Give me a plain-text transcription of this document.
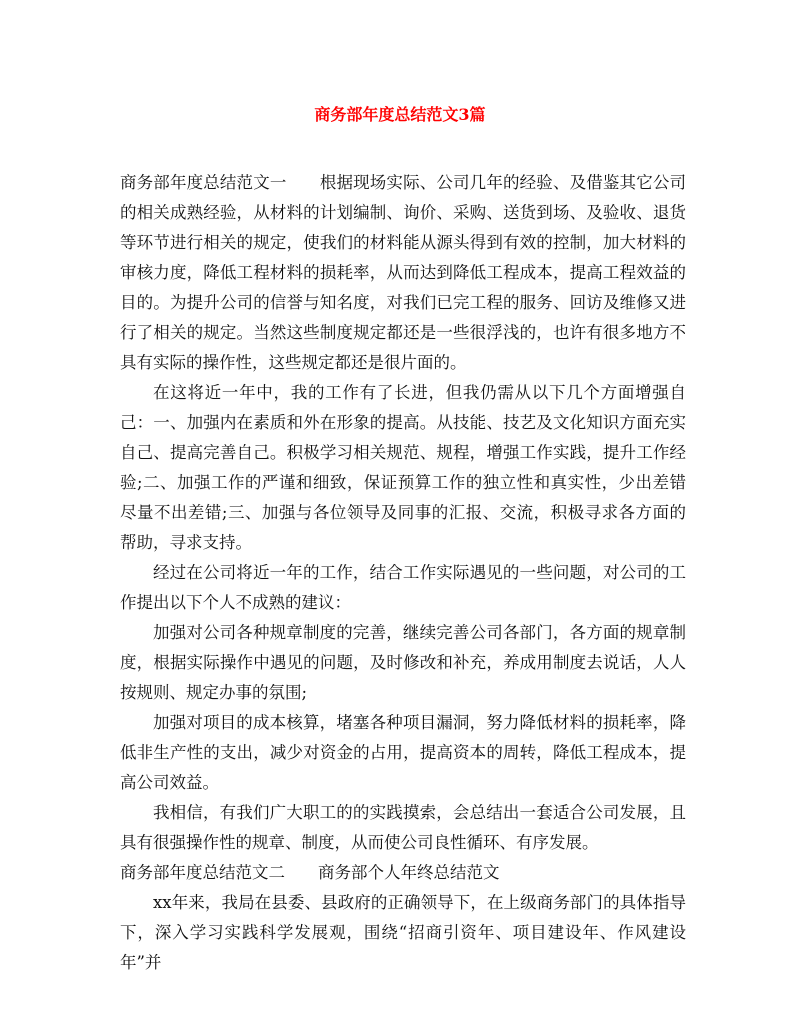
商务部年度总结范文3篇

商务部年度总结范文一　　根据现场实际、公司几年的经验、及借鉴其它公司的相关成熟经验，从材料的计划编制、询价、采购、送货到场、及验收、退货等环节进行相关的规定，使我们的材料能从源头得到有效的控制，加大材料的审核力度，降低工程材料的损耗率，从而达到降低工程成本，提高工程效益的目的。为提升公司的信誉与知名度，对我们已完工程的服务、回访及维修又进行了相关的规定。当然这些制度规定都还是一些很浮浅的，也许有很多地方不具有实际的操作性，这些规定都还是很片面的。

在这将近一年中，我的工作有了长进，但我仍需从以下几个方面增强自己：一、加强内在素质和外在形象的提高。从技能、技艺及文化知识方面充实自己、提高完善自己。积极学习相关规范、规程，增强工作实践，提升工作经验;二、加强工作的严谨和细致，保证预算工作的独立性和真实性，少出差错尽量不出差错;三、加强与各位领导及同事的汇报、交流，积极寻求各方面的帮助，寻求支持。

经过在公司将近一年的工作，结合工作实际遇见的一些问题，对公司的工作提出以下个人不成熟的建议：

加强对公司各种规章制度的完善，继续完善公司各部门，各方面的规章制度，根据实际操作中遇见的问题，及时修改和补充，养成用制度去说话，人人按规则、规定办事的氛围;

加强对项目的成本核算，堵塞各种项目漏洞，努力降低材料的损耗率，降低非生产性的支出，减少对资金的占用，提高资本的周转，降低工程成本，提高公司效益。

我相信，有我们广大职工的的实践摸索，会总结出一套适合公司发展，且具有很强操作性的规章、制度，从而使公司良性循环、有序发展。

商务部年度总结范文二　　商务部个人年终总结范文

xx年来，我局在县委、县政府的正确领导下，在上级商务部门的具体指导下，深入学习实践科学发展观，围绕“招商引资年、项目建设年、作风建设年”并
